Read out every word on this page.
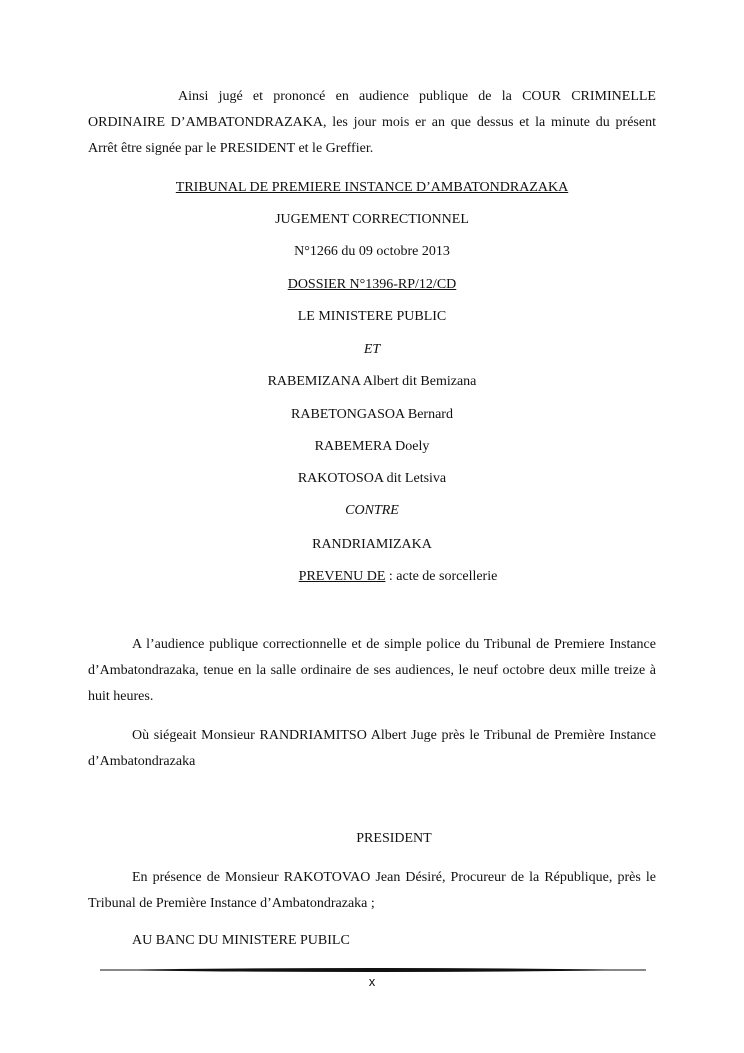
Ainsi jugé et prononcé en audience publique de la COUR CRIMINELLE ORDINAIRE D’AMBATONDRAZAKA, les jour mois er an que dessus et la minute du présent Arrêt être signée par le PRESIDENT et le Greffier.

TRIBUNAL DE PREMIERE INSTANCE D’AMBATONDRAZAKA
JUGEMENT CORRECTIONNEL
N°1266 du 09 octobre 2013
DOSSIER N°1396-RP/12/CD
LE MINISTERE PUBLIC
ET
RABEMIZANA Albert dit Bemizana
RABETONGASOA Bernard
RABEMERA Doely
RAKOTOSOA dit Letsiva
CONTRE
RANDRIAMIZAKA
PREVENU DE : acte de sorcellerie

A l’audience publique correctionnelle et de simple police du Tribunal de Premiere Instance d’Ambatondrazaka, tenue en la salle ordinaire de ses audiences, le neuf octobre deux mille treize à huit heures.

Où siégeait Monsieur RANDRIAMITSO Albert Juge près le Tribunal de Première Instance d’Ambatondrazaka

PRESIDENT

En présence de Monsieur RAKOTOVAO Jean Désiré, Procureur de la République, près le Tribunal de Première Instance d’Ambatondrazaka ;

AU BANC DU MINISTERE PUBILC

x
